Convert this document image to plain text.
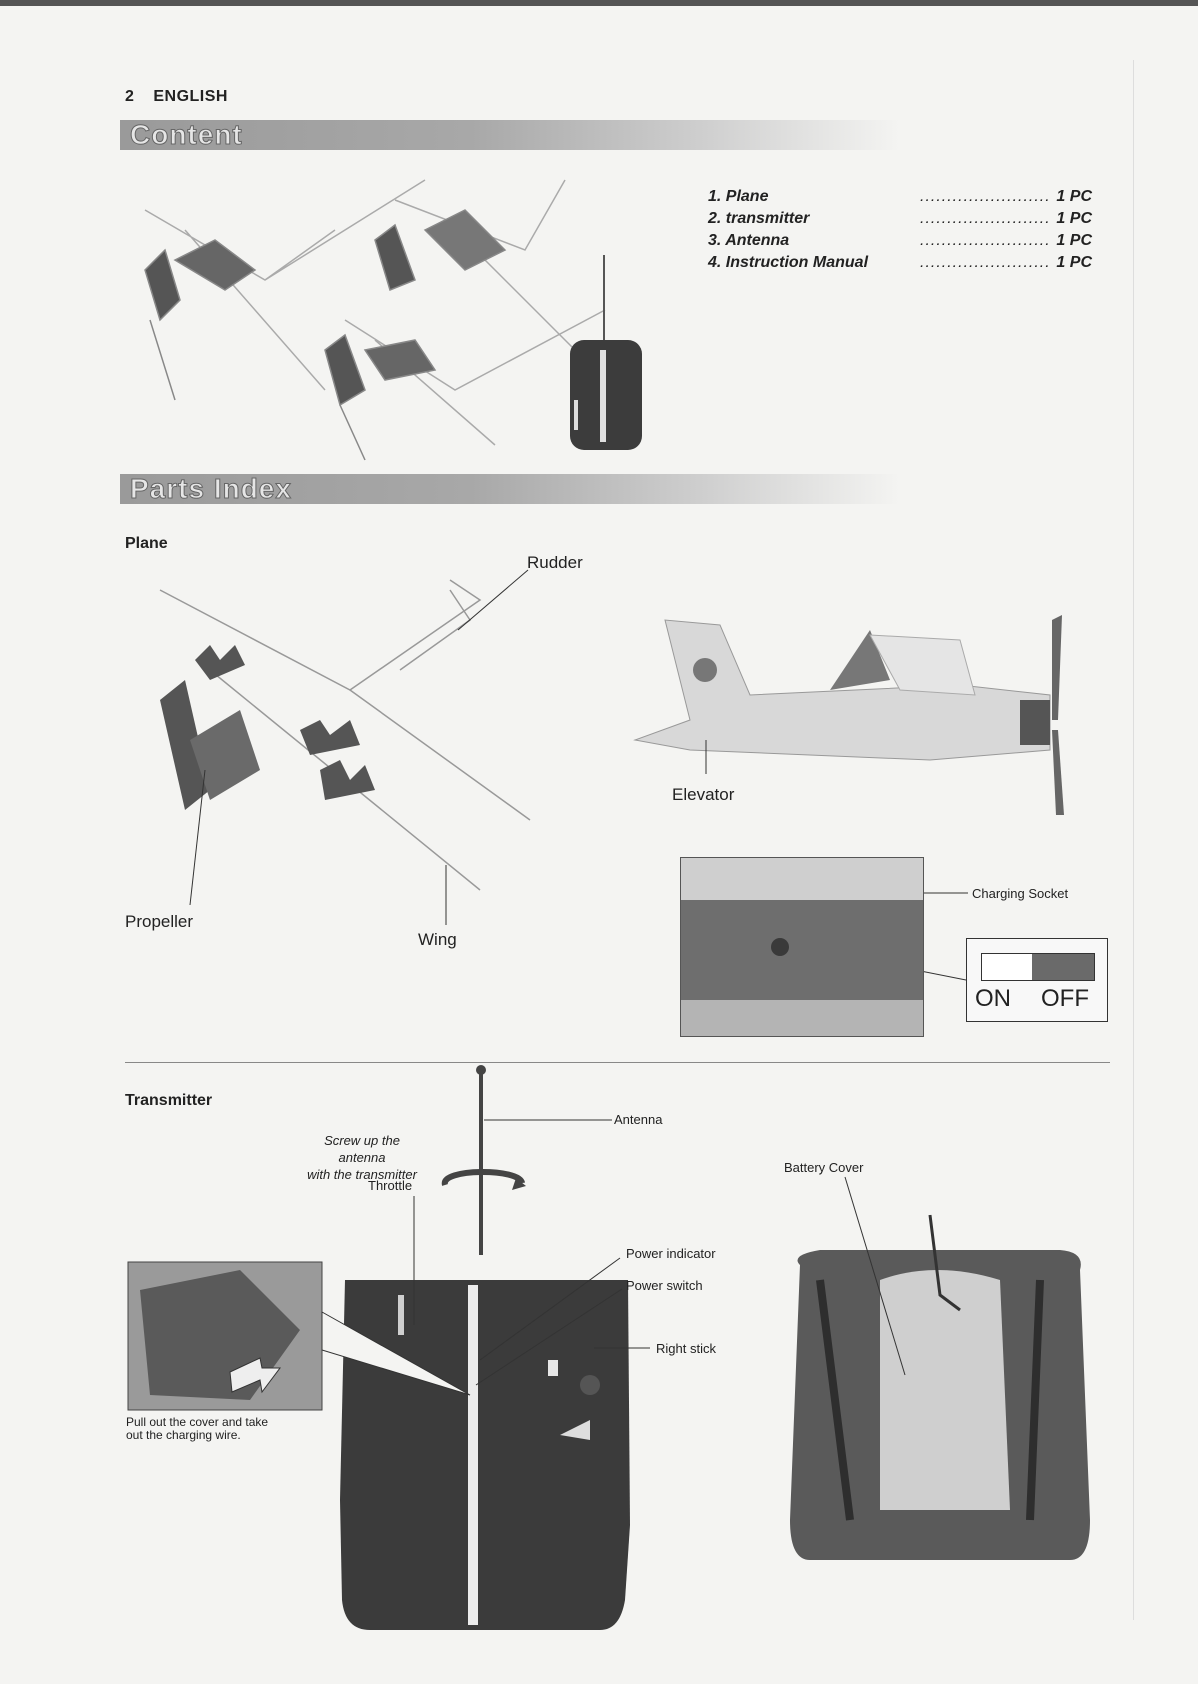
2 ENGLISH
Content
1. Plane	........................ 1 PC
2. transmitter	........................ 1 PC
3. Antenna	........................ 1 PC
4. Instruction Manual	........................ 1 PC
Parts Index
Plane
Rudder
Elevator
Propeller
Wing
Charging Socket
ON OFF
Transmitter
Antenna
Screw up the antenna
with the transmitter
Throttle
Power indicator
Power switch
Right stick
Battery Cover
Pull out the cover and take
out the charging wire.
